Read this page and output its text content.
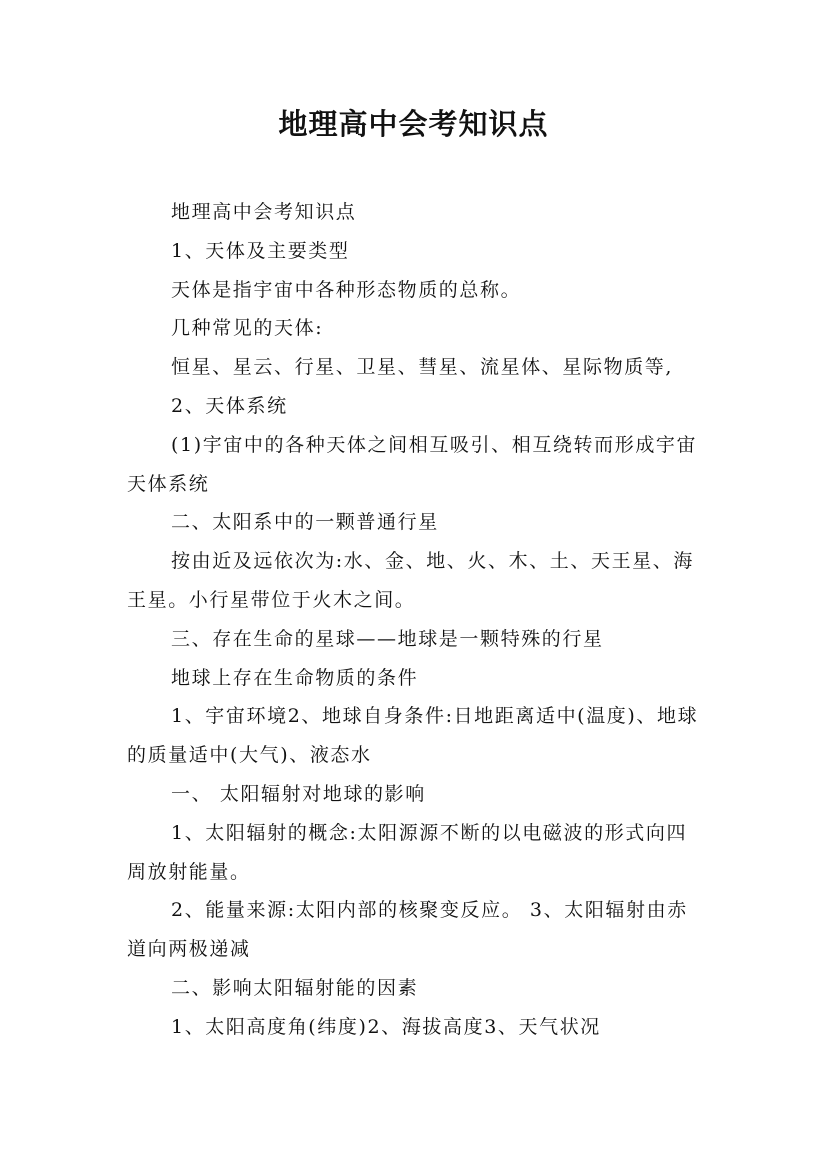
地理高中会考知识点

地理高中会考知识点

1、天体及主要类型

天体是指宇宙中各种形态物质的总称。

几种常见的天体:

恒星、星云、行星、卫星、彗星、流星体、星际物质等,

2、天体系统

(1)宇宙中的各种天体之间相互吸引、相互绕转而形成宇宙天体系统

二、太阳系中的一颗普通行星

按由近及远依次为:水、金、地、火、木、土、天王星、海王星。小行星带位于火木之间。

三、存在生命的星球——地球是一颗特殊的行星

地球上存在生命物质的条件

1、宇宙环境2、地球自身条件:日地距离适中(温度)、地球的质量适中(大气)、液态水

一、 太阳辐射对地球的影响

1、太阳辐射的概念:太阳源源不断的以电磁波的形式向四周放射能量。

2、能量来源:太阳内部的核聚变反应。 3、太阳辐射由赤道向两极递减

二、影响太阳辐射能的因素

1、太阳高度角(纬度)2、海拔高度3、天气状况
